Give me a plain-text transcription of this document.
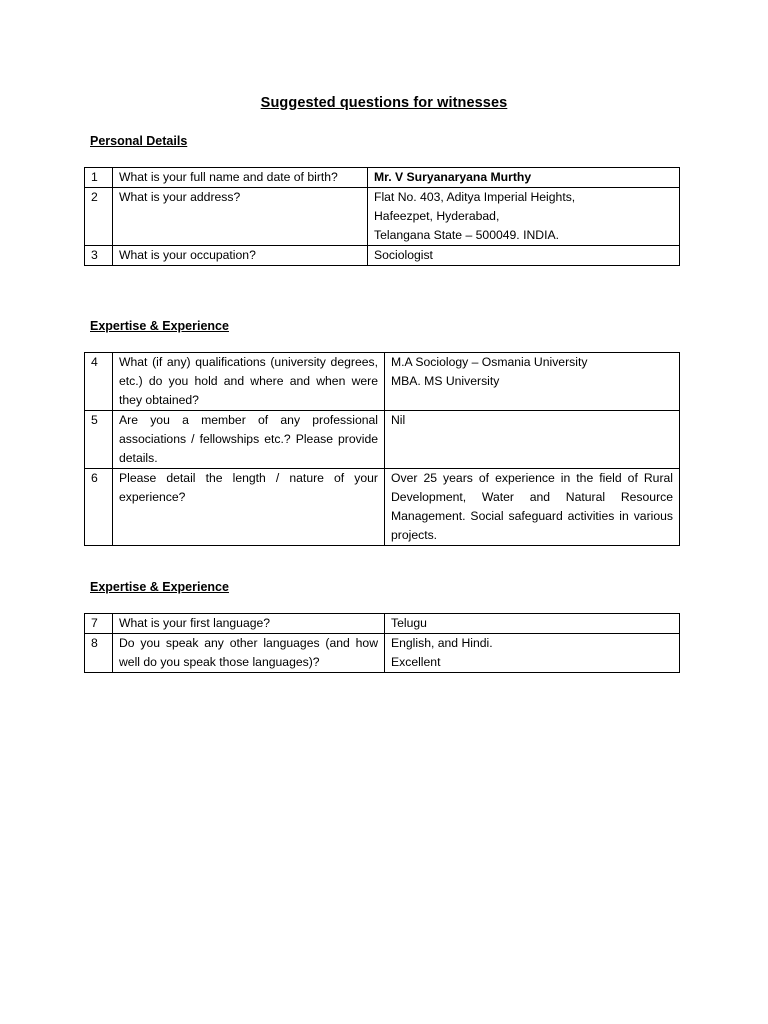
Suggested questions for witnesses
Personal Details
1	What is your full name and date of birth?	Mr. V Suryanaryana Murthy

2	What is your address?	Flat No. 403, Aditya Imperial Heights,
Hafeezpet, Hyderabad,
Telangana State – 500049. INDIA.

3	What is your occupation?	Sociologist
Expertise & Experience
4	What (if any) qualifications (university degrees, etc.) do you hold and where and when were they obtained?	M.A Sociology – Osmania University
MBA. MS University

5	Are you a member of any professional associations / fellowships etc.? Please provide details.	Nil

6	Please detail the length / nature of your experience?	Over 25 years of experience in the field of Rural Development, Water and Natural Resource Management. Social safeguard activities in various projects.
Expertise & Experience
7	What is your first language?	Telugu

8	Do you speak any other languages (and how well do you speak those languages)?	English, and Hindi.
Excellent
